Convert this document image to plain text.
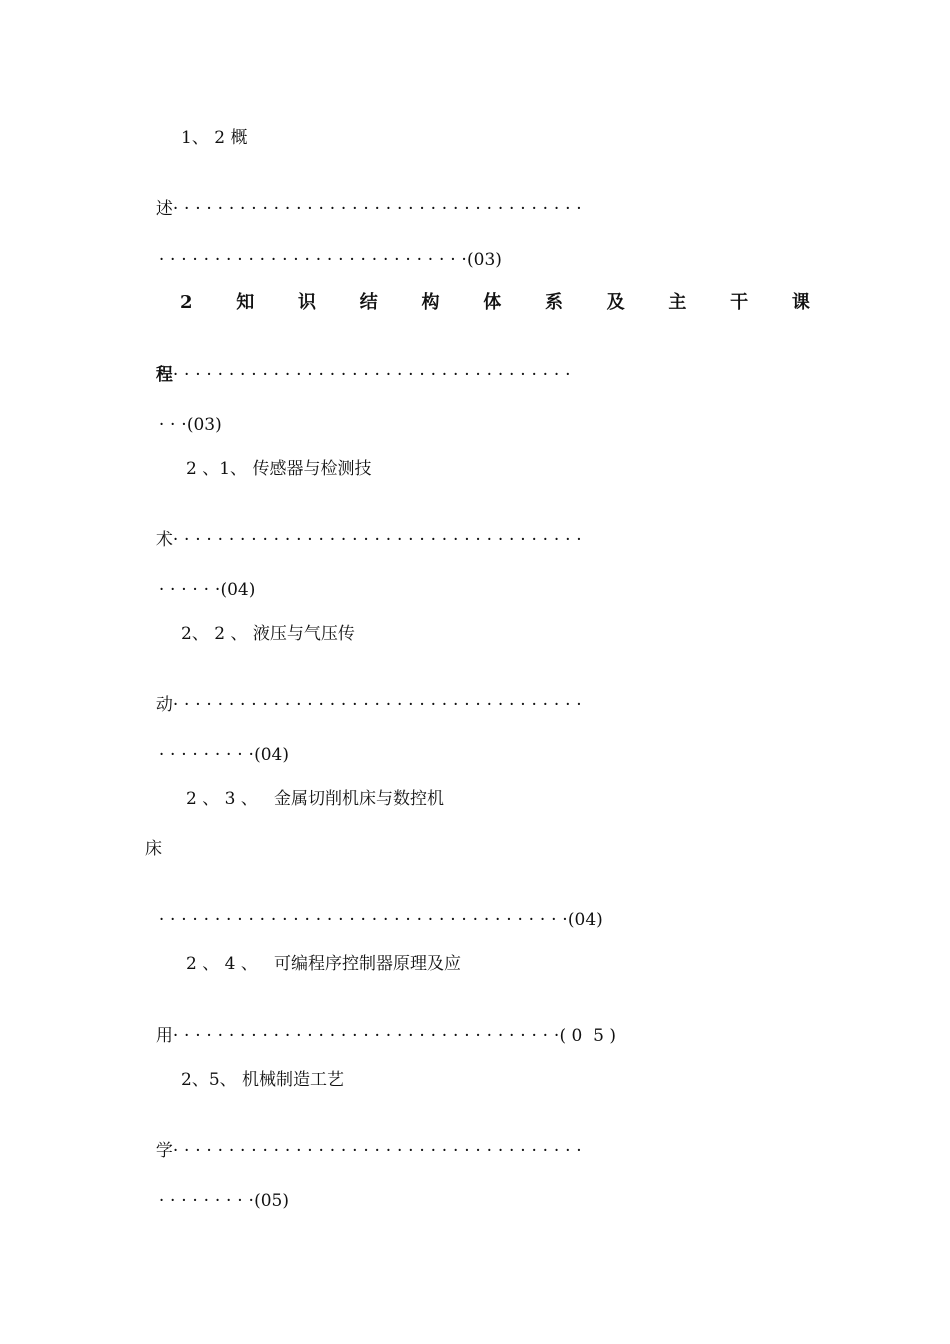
1、 2 概

述· · · · · · · · · · · · · · · · · · · · · · · · · · · · · · · · · · · · ·

· · · · · · · · · · · · · · · · · · · · · · · · · · · ·(03)

2 知 识 结 构 体 系 及 主 干 课

程· · · · · · · · · · · · · · · · · · · · · · · · · · · · · · · · · · · ·

· · ·(03)

2 、1、 传感器与检测技

术· · · · · · · · · · · · · · · · · · · · · · · · · · · · · · · · · · · · ·

· · · · · ·(04)

2、 2 、 液压与气压传

动· · · · · · · · · · · · · · · · · · · · · · · · · · · · · · · · · · · · ·

· · · · · · · · ·(04)

2 、 3 、   金属切削机床与数控机
床

· · · · · · · · · · · · · · · · · · · · · · · · · · · · · · · · · · · · ·(04)

2 、 4 、   可编程序控制器原理及应

用· · · · · · · · · · · · · · · · · · · · · · · · · · · · · · · · · · ·( 0  5 )

2、5、 机械制造工艺

学· · · · · · · · · · · · · · · · · · · · · · · · · · · · · · · · · · · · ·

· · · · · · · · ·(05)
